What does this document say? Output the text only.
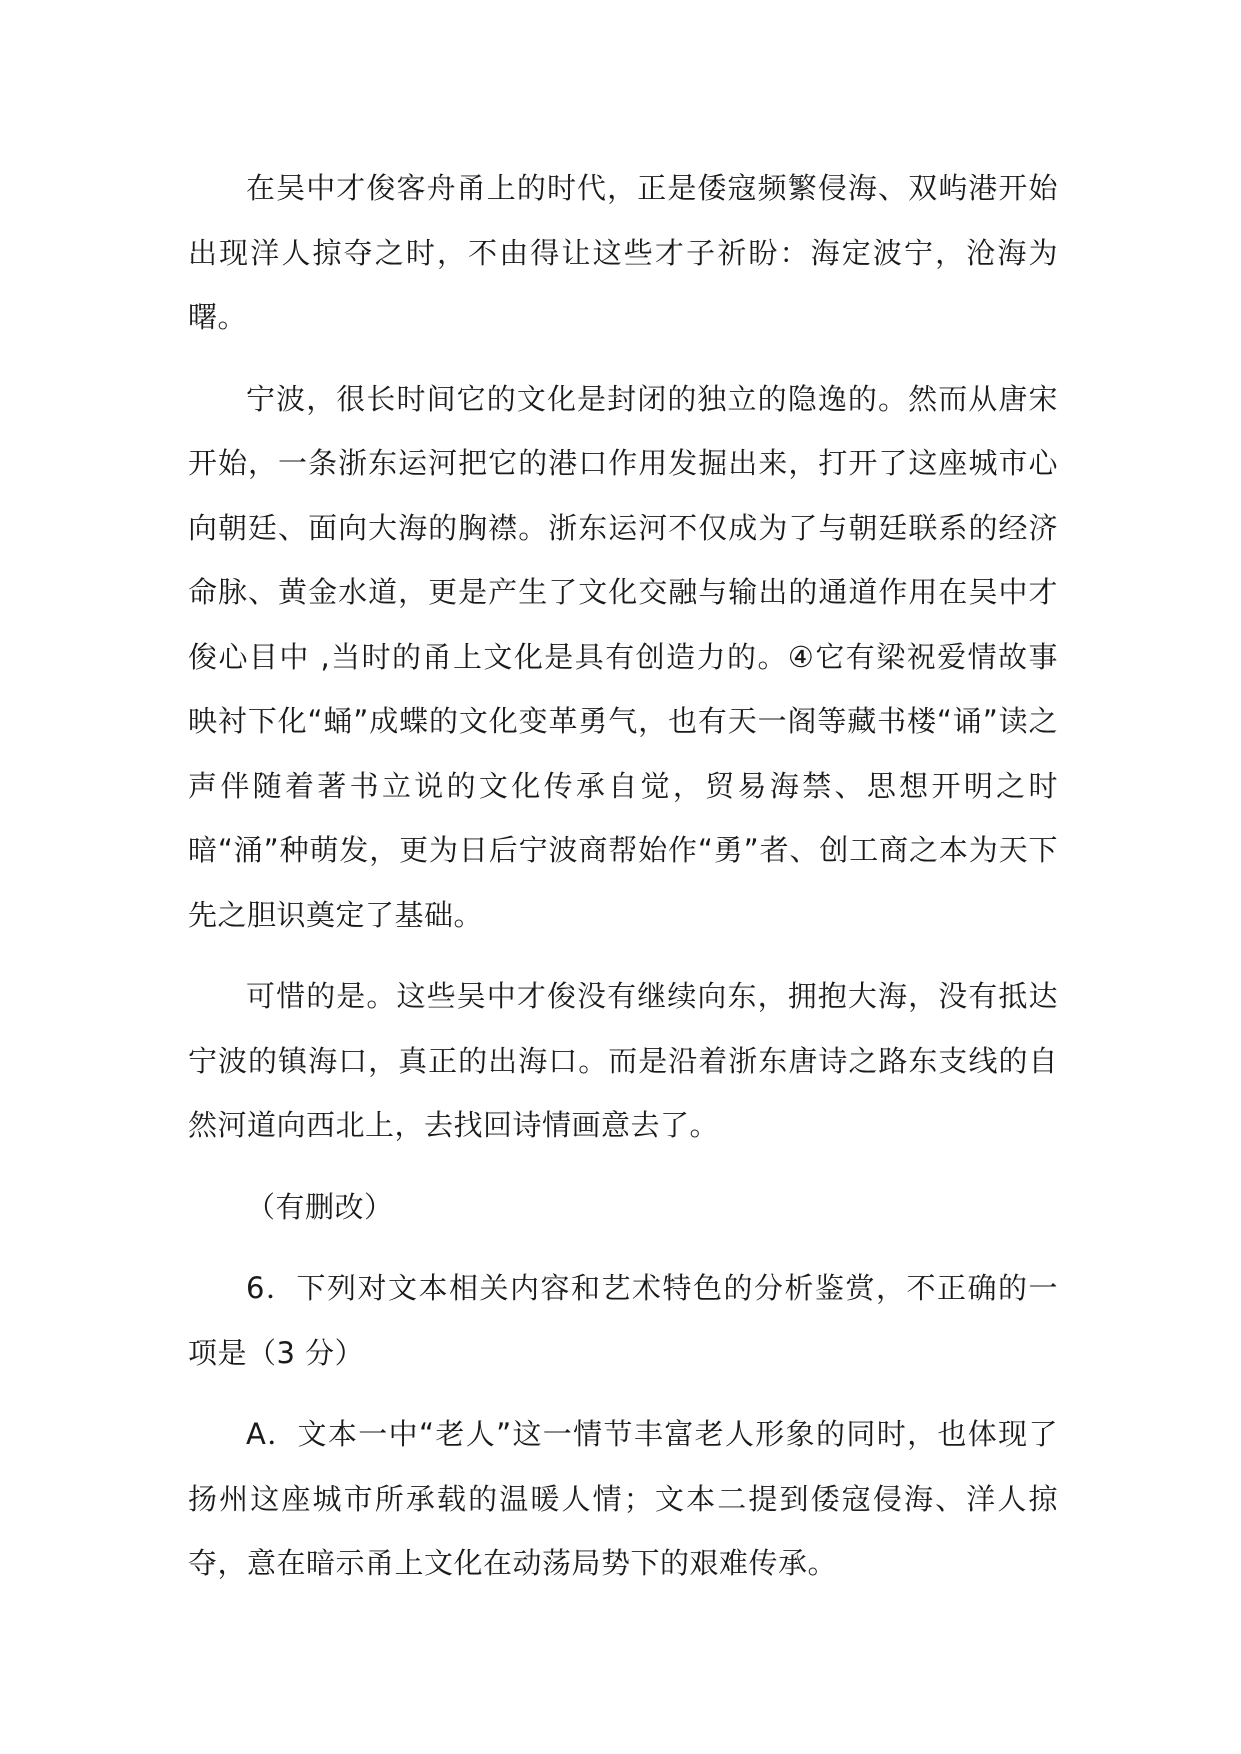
在吴中才俊客舟甬上的时代，正是倭寇频繁侵海、双屿港开始出现洋人掠夺之时，不由得让这些才子祈盼：海定波宁，沧海为曙。

宁波，很长时间它的文化是封闭的独立的隐逸的。然而从唐宋开始，一条浙东运河把它的港口作用发掘出来，打开了这座城市心向朝廷、面向大海的胸襟。浙东运河不仅成为了与朝廷联系的经济命脉、黄金水道，更是产生了文化交融与输出的通道作用在吴中才俊心目中 ,当时的甬上文化是具有创造力的。④它有梁祝爱情故事映衬下化“蛹”成蝶的文化变革勇气，也有天一阁等藏书楼“诵”读之声伴随着著书立说的文化传承自觉，贸易海禁、思想开明之时暗“涌”种萌发，更为日后宁波商帮始作“勇”者、创工商之本为天下先之胆识奠定了基础。

可惜的是。这些吴中才俊没有继续向东，拥抱大海，没有抵达宁波的镇海口，真正的出海口。而是沿着浙东唐诗之路东支线的自然河道向西北上，去找回诗情画意去了。

（有删改）

6．下列对文本相关内容和艺术特色的分析鉴赏，不正确的一项是（3 分）

A．文本一中“老人”这一情节丰富老人形象的同时，也体现了扬州这座城市所承载的温暖人情；文本二提到倭寇侵海、洋人掠夺，意在暗示甬上文化在动荡局势下的艰难传承。
